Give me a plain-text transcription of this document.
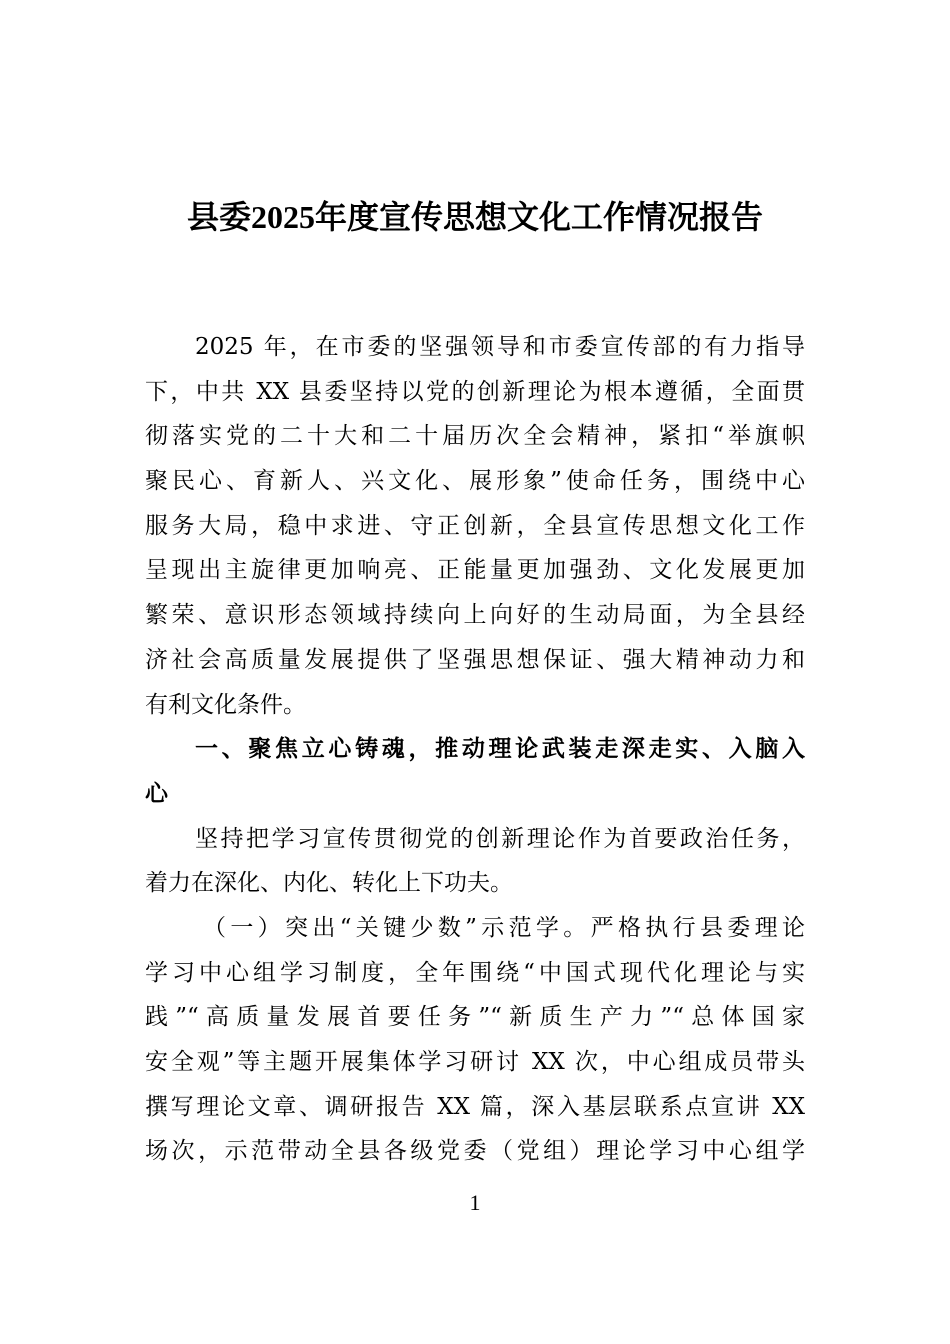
县委2025年度宣传思想文化工作情况报告
2025 年，在市委的坚强领导和市委宣传部的有力指导
下，中共 XX 县委坚持以党的创新理论为根本遵循，全面贯
彻落实党的二十大和二十届历次全会精神，紧扣“举旗帜
聚民心、育新人、兴文化、展形象”使命任务，围绕中心
服务大局，稳中求进、守正创新，全县宣传思想文化工作
呈现出主旋律更加响亮、正能量更加强劲、文化发展更加
繁荣、意识形态领域持续向上向好的生动局面，为全县经
济社会高质量发展提供了坚强思想保证、强大精神动力和
有利文化条件。
一、聚焦立心铸魂，推动理论武装走深走实、入脑入
心
坚持把学习宣传贯彻党的创新理论作为首要政治任务，
着力在深化、内化、转化上下功夫。
（一）突出“关键少数”示范学。严格执行县委理论
学习中心组学习制度，全年围绕“中国式现代化理论与实
践”“高质量发展首要任务”“新质生产力”“总体国家
安全观”等主题开展集体学习研讨 XX 次，中心组成员带头
撰写理论文章、调研报告 XX 篇，深入基层联系点宣讲 XX
场次，示范带动全县各级党委（党组）理论学习中心组学
1
